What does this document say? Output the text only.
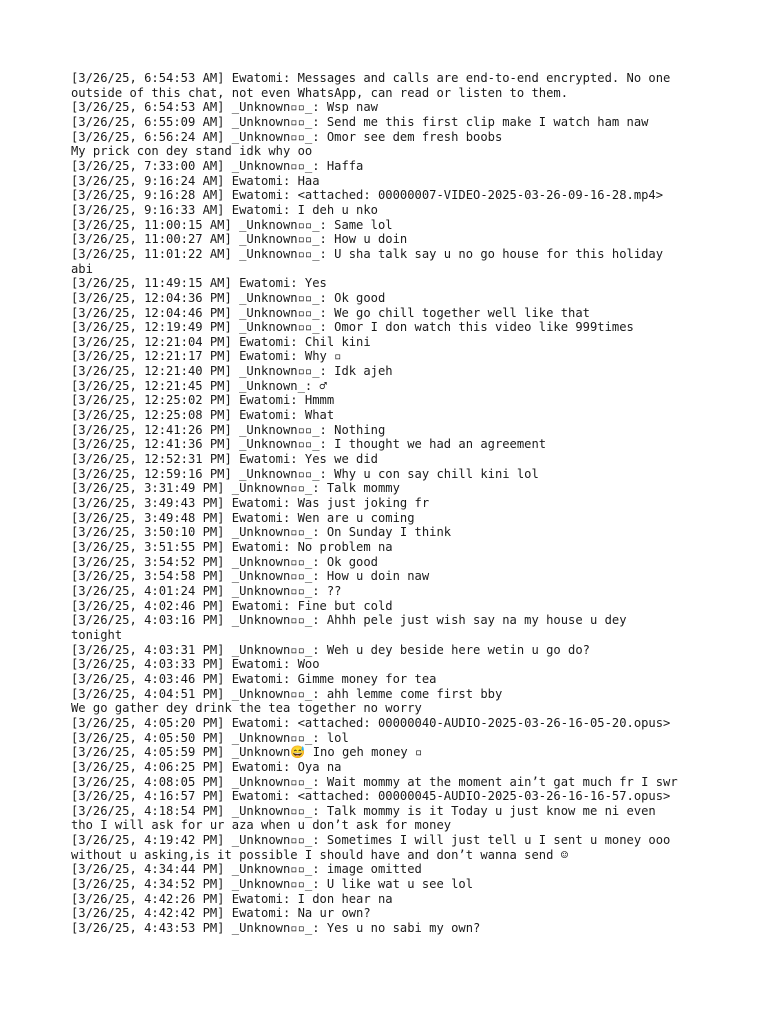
[3/26/25, 6:54:53 AM] Ewatomi: Messages and calls are end-to-end encrypted. No one
outside of this chat, not even WhatsApp, can read or listen to them.
[3/26/25, 6:54:53 AM] _Unknown▫▫_: Wsp naw
[3/26/25, 6:55:09 AM] _Unknown▫▫_: Send me this first clip make I watch ham naw
[3/26/25, 6:56:24 AM] _Unknown▫▫_: Omor see dem fresh boobs
My prick con dey stand idk why oo
[3/26/25, 7:33:00 AM] _Unknown▫▫_: Haffa
[3/26/25, 9:16:24 AM] Ewatomi: Haa
[3/26/25, 9:16:28 AM] Ewatomi: <attached: 00000007-VIDEO-2025-03-26-09-16-28.mp4>
[3/26/25, 9:16:33 AM] Ewatomi: I deh u nko
[3/26/25, 11:00:15 AM] _Unknown▫▫_: Same lol
[3/26/25, 11:00:27 AM] _Unknown▫▫_: How u doin
[3/26/25, 11:01:22 AM] _Unknown▫▫_: U sha talk say u no go house for this holiday
abi
[3/26/25, 11:49:15 AM] Ewatomi: Yes
[3/26/25, 12:04:36 PM] _Unknown▫▫_: Ok good
[3/26/25, 12:04:46 PM] _Unknown▫▫_: We go chill together well like that
[3/26/25, 12:19:49 PM] _Unknown▫▫_: Omor I don watch this video like 999times
[3/26/25, 12:21:04 PM] Ewatomi: Chil kini
[3/26/25, 12:21:17 PM] Ewatomi: Why ▫
[3/26/25, 12:21:40 PM] _Unknown▫▫_: Idk ajeh
[3/26/25, 12:21:45 PM] _Unknown_: ♂
[3/26/25, 12:25:02 PM] Ewatomi: Hmmm
[3/26/25, 12:25:08 PM] Ewatomi: What
[3/26/25, 12:41:26 PM] _Unknown▫▫_: Nothing
[3/26/25, 12:41:36 PM] _Unknown▫▫_: I thought we had an agreement
[3/26/25, 12:52:31 PM] Ewatomi: Yes we did
[3/26/25, 12:59:16 PM] _Unknown▫▫_: Why u con say chill kini lol
[3/26/25, 3:31:49 PM] _Unknown▫▫_: Talk mommy
[3/26/25, 3:49:43 PM] Ewatomi: Was just joking fr
[3/26/25, 3:49:48 PM] Ewatomi: Wen are u coming
[3/26/25, 3:50:10 PM] _Unknown▫▫_: On Sunday I think
[3/26/25, 3:51:55 PM] Ewatomi: No problem na
[3/26/25, 3:54:52 PM] _Unknown▫▫_: Ok good
[3/26/25, 3:54:58 PM] _Unknown▫▫_: How u doin naw
[3/26/25, 4:01:24 PM] _Unknown▫▫_: ??
[3/26/25, 4:02:46 PM] Ewatomi: Fine but cold
[3/26/25, 4:03:16 PM] _Unknown▫▫_: Ahhh pele just wish say na my house u dey
tonight
[3/26/25, 4:03:31 PM] _Unknown▫▫_: Weh u dey beside here wetin u go do?
[3/26/25, 4:03:33 PM] Ewatomi: Woo
[3/26/25, 4:03:46 PM] Ewatomi: Gimme money for tea
[3/26/25, 4:04:51 PM] _Unknown▫▫_: ahh lemme come first bby
We go gather dey drink the tea together no worry
[3/26/25, 4:05:20 PM] Ewatomi: <attached: 00000040-AUDIO-2025-03-26-16-05-20.opus>
[3/26/25, 4:05:50 PM] _Unknown▫▫_: lol
[3/26/25, 4:05:59 PM] _Unknown😅 Ino geh money ▫
[3/26/25, 4:06:25 PM] Ewatomi: Oya na
[3/26/25, 4:08:05 PM] _Unknown▫▫_: Wait mommy at the moment ain’t gat much fr I swr
[3/26/25, 4:16:57 PM] Ewatomi: <attached: 00000045-AUDIO-2025-03-26-16-16-57.opus>
[3/26/25, 4:18:54 PM] _Unknown▫▫_: Talk mommy is it Today u just know me ni even
tho I will ask for ur aza when u don’t ask for money
[3/26/25, 4:19:42 PM] _Unknown▫▫_: Sometimes I will just tell u I sent u money ooo
without u asking,is it possible I should have and don’t wanna send ☺
[3/26/25, 4:34:44 PM] _Unknown▫▫_: image omitted
[3/26/25, 4:34:52 PM] _Unknown▫▫_: U like wat u see lol
[3/26/25, 4:42:26 PM] Ewatomi: I don hear na
[3/26/25, 4:42:42 PM] Ewatomi: Na ur own?
[3/26/25, 4:43:53 PM] _Unknown▫▫_: Yes u no sabi my own?
